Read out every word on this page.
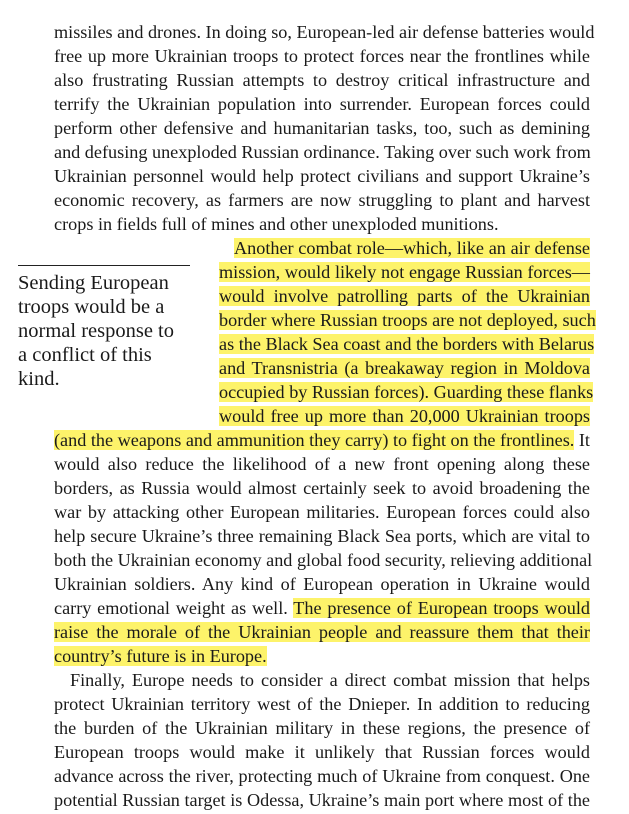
missiles and drones. In doing so, European-led air defense batteries would
free up more Ukrainian troops to protect forces near the frontlines while
also frustrating Russian attempts to destroy critical infrastructure and
terrify the Ukrainian population into surrender. European forces could
perform other defensive and humanitarian tasks, too, such as demining
and defusing unexploded Russian ordinance. Taking over such work from
Ukrainian personnel would help protect civilians and support Ukraine’s
economic recovery, as farmers are now struggling to plant and harvest
crops in fields full of mines and other unexploded munitions.
Sending European
troops would be a
normal response to
a conflict of this
kind.
Another combat role—which, like an air defense
mission, would likely not engage Russian forces—
would involve patrolling parts of the Ukrainian
border where Russian troops are not deployed, such
as the Black Sea coast and the borders with Belarus
and Transnistria (a breakaway region in Moldova
occupied by Russian forces). Guarding these flanks
would free up more than 20,000 Ukrainian troops
(and the weapons and ammunition they carry) to fight on the frontlines. It
would also reduce the likelihood of a new front opening along these
borders, as Russia would almost certainly seek to avoid broadening the
war by attacking other European militaries. European forces could also
help secure Ukraine’s three remaining Black Sea ports, which are vital to
both the Ukrainian economy and global food security, relieving additional
Ukrainian soldiers. Any kind of European operation in Ukraine would
carry emotional weight as well. The presence of European troops would
raise the morale of the Ukrainian people and reassure them that their
country’s future is in Europe.
Finally, Europe needs to consider a direct combat mission that helps
protect Ukrainian territory west of the Dnieper. In addition to reducing
the burden of the Ukrainian military in these regions, the presence of
European troops would make it unlikely that Russian forces would
advance across the river, protecting much of Ukraine from conquest. One
potential Russian target is Odessa, Ukraine’s main port where most of the
